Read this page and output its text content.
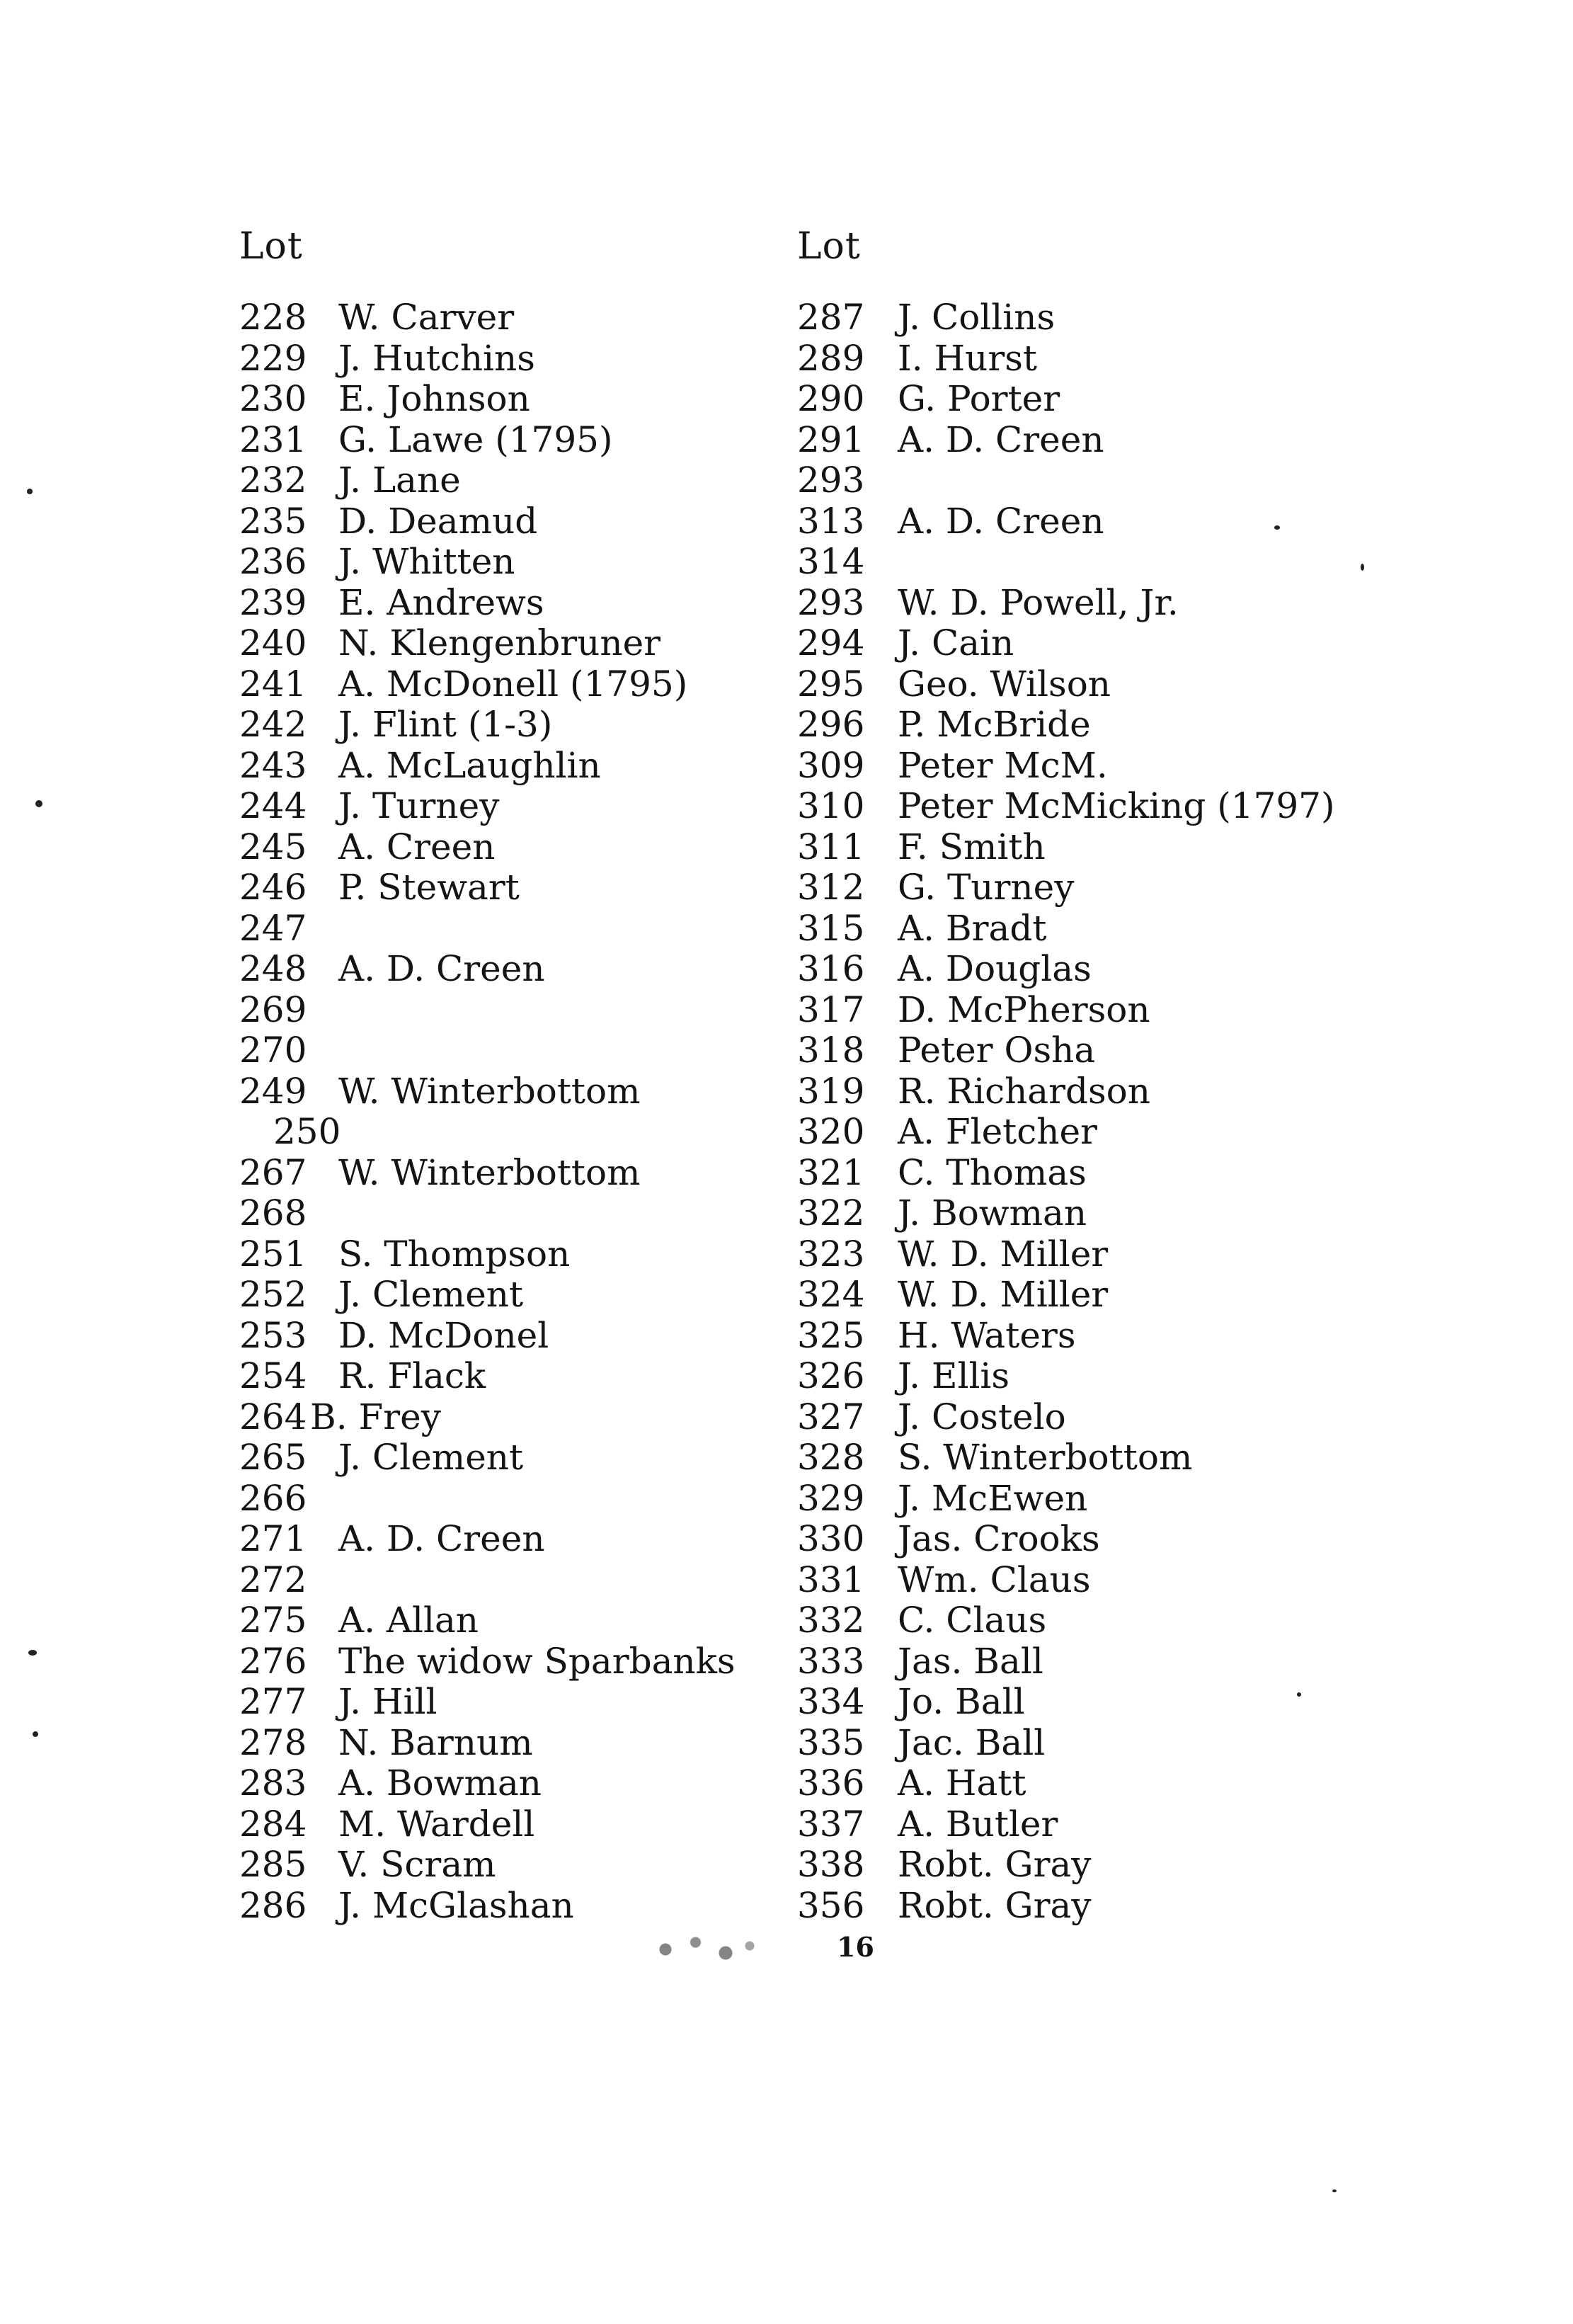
Lot
228 W. Carver
229 J. Hutchins
230 E. Johnson
231 G. Lawe (1795)
232 J. Lane
235 D. Deamud
236 J. Whitten
239 E. Andrews
240 N. Klengenbruner
241 A. McDonell (1795)
242 J. Flint (1-3)
243 A. McLaughlin
244 J. Turney
245 A. Creen
246 P. Stewart
247
248 A. D. Creen
269
270
249 W. Winterbottom
250
267 W. Winterbottom
268
251 S. Thompson
252 J. Clement
253 D. McDonel
254 R. Flack
264 B. Frey
265 J. Clement
266
271 A. D. Creen
272
275 A. Allan
276 The widow Sparbanks
277 J. Hill
278 N. Barnum
283 A. Bowman
284 M. Wardell
285 V. Scram
286 J. McGlashan
Lot
287 J. Collins
289 I. Hurst
290 G. Porter
291 A. D. Creen
293
313 A. D. Creen
314
293 W. D. Powell, Jr.
294 J. Cain
295 Geo. Wilson
296 P. McBride
309 Peter McM.
310 Peter McMicking (1797)
311 F. Smith
312 G. Turney
315 A. Bradt
316 A. Douglas
317 D. McPherson
318 Peter Osha
319 R. Richardson
320 A. Fletcher
321 C. Thomas
322 J. Bowman
323 W. D. Miller
324 W. D. Miller
325 H. Waters
326 J. Ellis
327 J. Costelo
328 S. Winterbottom
329 J. McEwen
330 Jas. Crooks
331 Wm. Claus
332 C. Claus
333 Jas. Ball
334 Jo. Ball
335 Jac. Ball
336 A. Hatt
337 A. Butler
338 Robt. Gray
356 Robt. Gray
16
